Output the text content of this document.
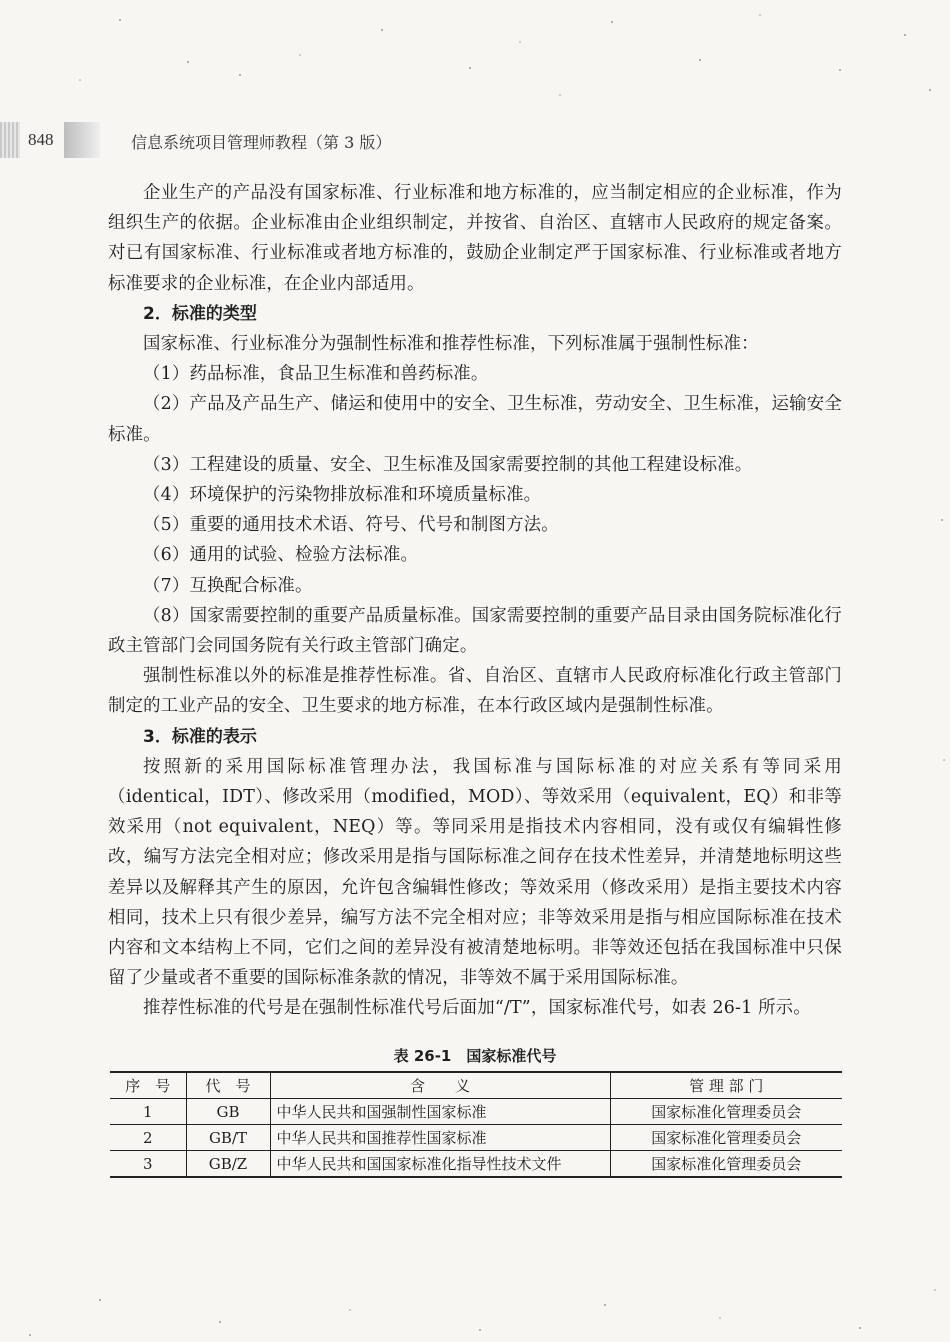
848	信息系统项目管理师教程（第 3 版）

企业生产的产品没有国家标准、行业标准和地方标准的，应当制定相应的企业标准，作为组织生产的依据。企业标准由企业组织制定，并按省、自治区、直辖市人民政府的规定备案。对已有国家标准、行业标准或者地方标准的，鼓励企业制定严于国家标准、行业标准或者地方标准要求的企业标准，在企业内部适用。

2．标准的类型

国家标准、行业标准分为强制性标准和推荐性标准，下列标准属于强制性标准：

（1）药品标准，食品卫生标准和兽药标准。

（2）产品及产品生产、储运和使用中的安全、卫生标准，劳动安全、卫生标准，运输安全标准。

（3）工程建设的质量、安全、卫生标准及国家需要控制的其他工程建设标准。

（4）环境保护的污染物排放标准和环境质量标准。

（5）重要的通用技术术语、符号、代号和制图方法。

（6）通用的试验、检验方法标准。

（7）互换配合标准。

（8）国家需要控制的重要产品质量标准。国家需要控制的重要产品目录由国务院标准化行政主管部门会同国务院有关行政主管部门确定。

强制性标准以外的标准是推荐性标准。省、自治区、直辖市人民政府标准化行政主管部门制定的工业产品的安全、卫生要求的地方标准，在本行政区域内是强制性标准。

3．标准的表示

按照新的采用国际标准管理办法，我国标准与国际标准的对应关系有等同采用（identical，IDT）、修改采用（modified，MOD）、等效采用（equivalent，EQ）和非等效采用（not equivalent，NEQ）等。等同采用是指技术内容相同，没有或仅有编辑性修改，编写方法完全相对应；修改采用是指与国际标准之间存在技术性差异，并清楚地标明这些差异以及解释其产生的原因，允许包含编辑性修改；等效采用（修改采用）是指主要技术内容相同，技术上只有很少差异，编写方法不完全相对应；非等效采用是指与相应国际标准在技术内容和文本结构上不同，它们之间的差异没有被清楚地标明。非等效还包括在我国标准中只保留了少量或者不重要的国际标准条款的情况，非等效不属于采用国际标准。

推荐性标准的代号是在强制性标准代号后面加“/T”，国家标准代号，如表 26-1 所示。

表 26-1　国家标准代号
序　号	代　号	含　　义	管 理 部 门
1	GB	中华人民共和国强制性国家标准	国家标准化管理委员会
2	GB/T	中华人民共和国推荐性国家标准	国家标准化管理委员会
3	GB/Z	中华人民共和国国家标准化指导性技术文件	国家标准化管理委员会
